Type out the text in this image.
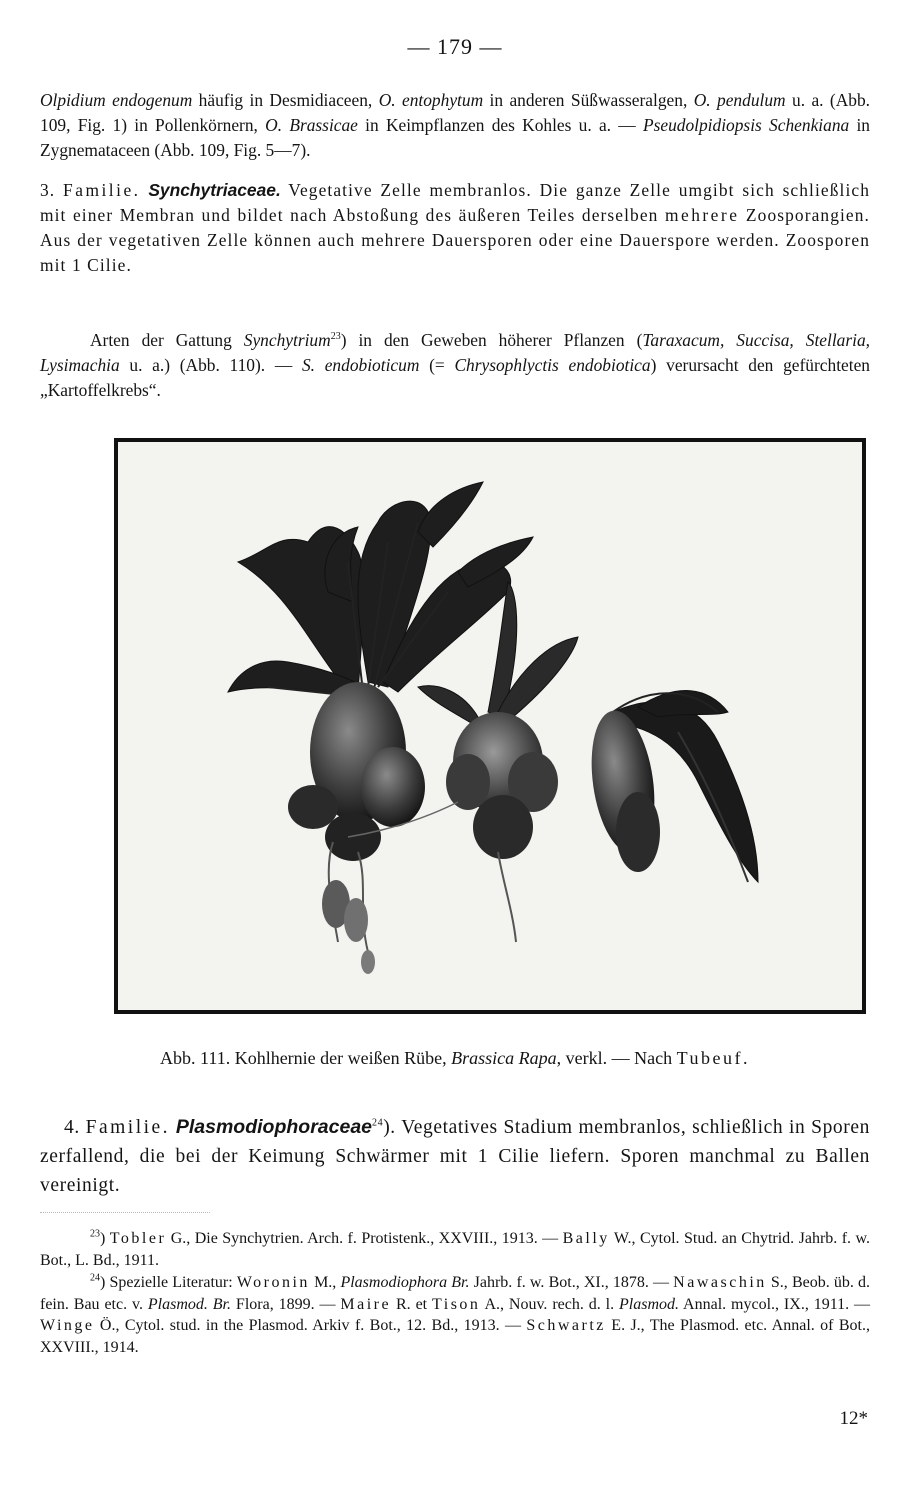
— 179 —
Olpidium endogenum häufig in Desmidiaceen, O. entophytum in anderen Süßwasseralgen, O. pendulum u. a. (Abb. 109, Fig. 1) in Pollenkörnern, O. Brassicae in Keimpflanzen des Kohles u. a. — Pseudolpidiopsis Schenkiana in Zygnemataceen (Abb. 109, Fig. 5—7).
3. Familie. Synchytriaceae. Vegetative Zelle membranlos. Die ganze Zelle umgibt sich schließlich mit einer Membran und bildet nach Abstoßung des äußeren Teiles derselben mehrere Zoosporangien. Aus der vegetativen Zelle können auch mehrere Dauersporen oder eine Dauerspore werden. Zoosporen mit 1 Cilie.
Arten der Gattung Synchytrium$^{23}$) in den Geweben höherer Pflanzen (Taraxacum, Succisa, Stellaria, Lysimachia u. a.) (Abb. 110). — S. endobioticum (= Chrysophlyctis endobiotica) verursacht den gefürchteten „Kartoffelkrebs“.
Abb. 111. Kohlhernie der weißen Rübe, Brassica Rapa, verkl. — Nach Tubeuf.
4. Familie. Plasmodiophoraceae$^{24}$). Vegetatives Stadium membranlos, schließlich in Sporen zerfallend, die bei der Keimung Schwärmer mit 1 Cilie liefern. Sporen manchmal zu Ballen vereinigt.
$^{23}$) Tobler G., Die Synchytrien. Arch. f. Protistenk., XXVIII., 1913. — Bally W., Cytol. Stud. an Chytrid. Jahrb. f. w. Bot., L. Bd., 1911.
$^{24}$) Spezielle Literatur: Woronin M., Plasmodiophora Br. Jahrb. f. w. Bot., XI., 1878. — Nawaschin S., Beob. üb. d. fein. Bau etc. v. Plasmod. Br. Flora, 1899. — Maire R. et Tison A., Nouv. rech. d. l. Plasmod. Annal. mycol., IX., 1911. — Winge Ö., Cytol. stud. in the Plasmod. Arkiv f. Bot., 12. Bd., 1913. — Schwartz E. J., The Plasmod. etc. Annal. of Bot., XXVIII., 1914.
12*
